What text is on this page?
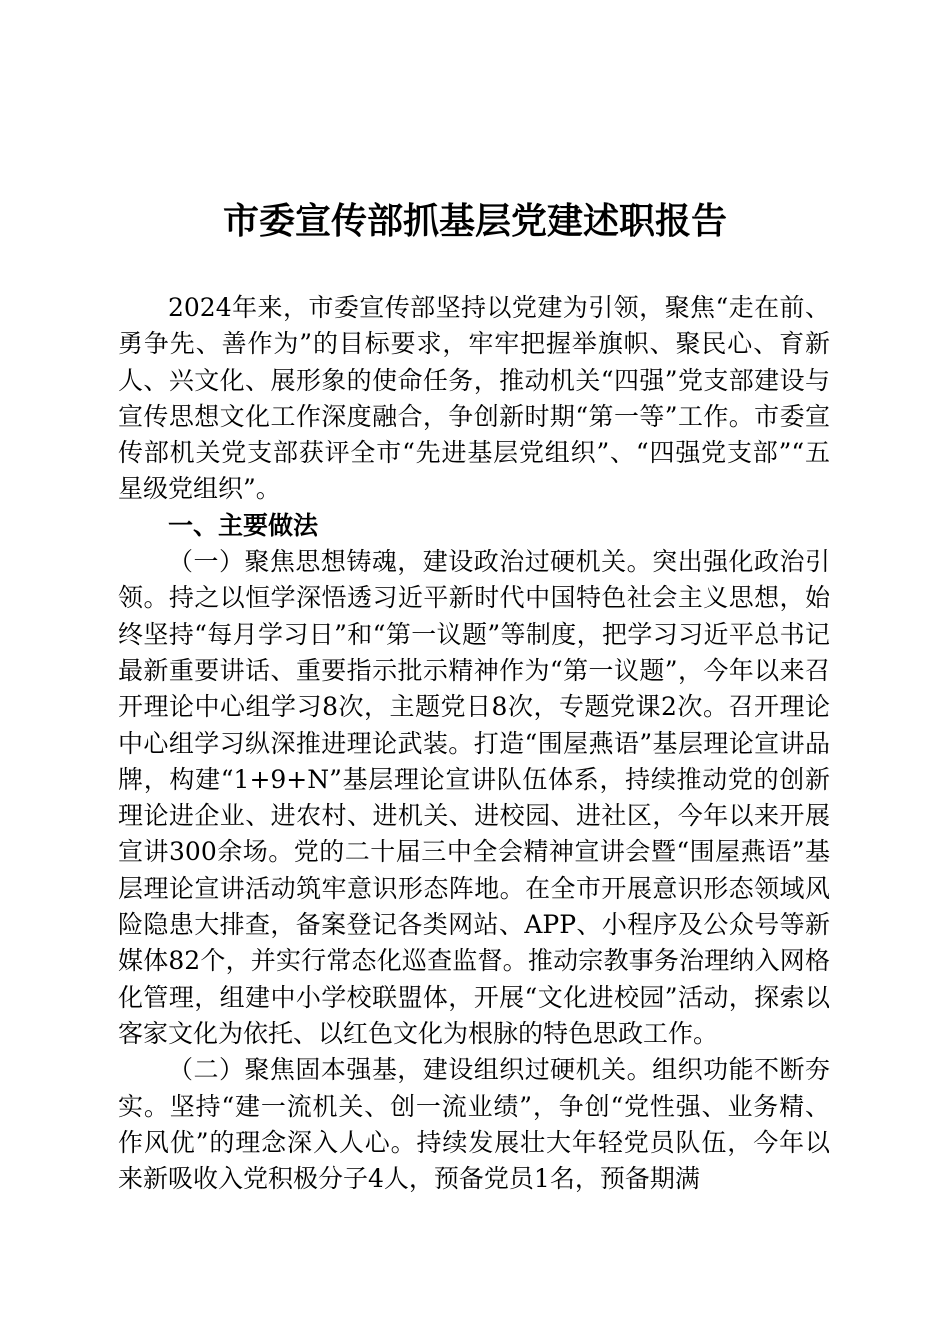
市委宣传部抓基层党建述职报告

2024年来，市委宣传部坚持以党建为引领，聚焦“走在前、勇争先、善作为”的目标要求，牢牢把握举旗帜、聚民心、育新人、兴文化、展形象的使命任务，推动机关“四强”党支部建设与宣传思想文化工作深度融合，争创新时期“第一等”工作。市委宣传部机关党支部获评全市“先进基层党组织”、“四强党支部”“五星级党组织”。

一、主要做法

（一）聚焦思想铸魂，建设政治过硬机关。突出强化政治引领。持之以恒学深悟透习近平新时代中国特色社会主义思想，始终坚持“每月学习日”和“第一议题”等制度，把学习习近平总书记最新重要讲话、重要指示批示精神作为“第一议题”，今年以来召开理论中心组学习8次，主题党日8次，专题党课2次。召开理论中心组学习纵深推进理论武装。打造“围屋燕语”基层理论宣讲品牌，构建“1+9+N”基层理论宣讲队伍体系，持续推动党的创新理论进企业、进农村、进机关、进校园、进社区，今年以来开展宣讲300余场。党的二十届三中全会精神宣讲会暨“围屋燕语”基层理论宣讲活动筑牢意识形态阵地。在全市开展意识形态领域风险隐患大排查，备案登记各类网站、APP、小程序及公众号等新媒体82个，并实行常态化巡查监督。推动宗教事务治理纳入网格化管理，组建中小学校联盟体，开展“文化进校园”活动，探索以客家文化为依托、以红色文化为根脉的特色思政工作。

（二）聚焦固本强基，建设组织过硬机关。组织功能不断夯实。坚持“建一流机关、创一流业绩”，争创“党性强、业务精、作风优”的理念深入人心。持续发展壮大年轻党员队伍，今年以来新吸收入党积极分子4人，预备党员1名，预备期满
